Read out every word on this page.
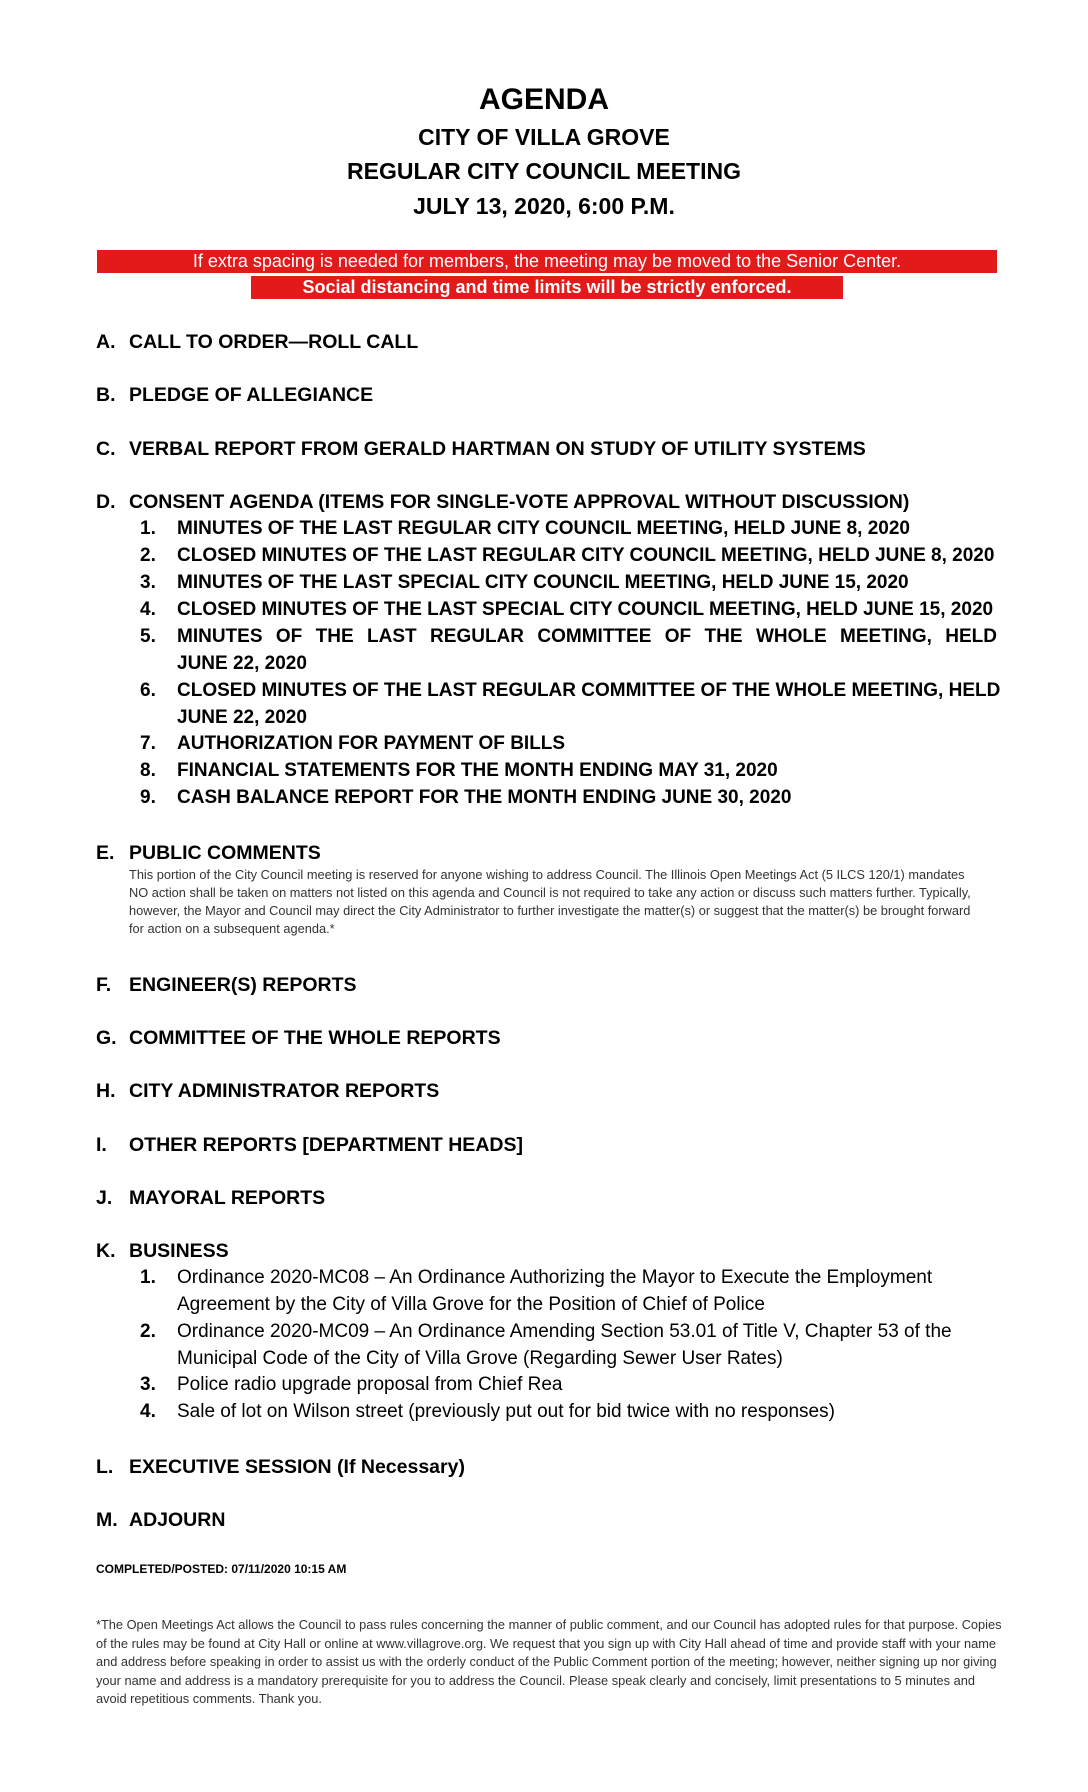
AGENDA
CITY OF VILLA GROVE
REGULAR CITY COUNCIL MEETING
JULY 13, 2020, 6:00 P.M.
If extra spacing is needed for members, the meeting may be moved to the Senior Center.
Social distancing and time limits will be strictly enforced.
A. CALL TO ORDER—ROLL CALL
B. PLEDGE OF ALLEGIANCE
C. VERBAL REPORT FROM GERALD HARTMAN ON STUDY OF UTILITY SYSTEMS
D. CONSENT AGENDA (ITEMS FOR SINGLE-VOTE APPROVAL WITHOUT DISCUSSION)
1. MINUTES OF THE LAST REGULAR CITY COUNCIL MEETING, HELD JUNE 8, 2020
2. CLOSED MINUTES OF THE LAST REGULAR CITY COUNCIL MEETING, HELD JUNE 8, 2020
3. MINUTES OF THE LAST SPECIAL CITY COUNCIL MEETING, HELD JUNE 15, 2020
4. CLOSED MINUTES OF THE LAST SPECIAL CITY COUNCIL MEETING, HELD JUNE 15, 2020
5. MINUTES OF THE LAST REGULAR COMMITTEE OF THE WHOLE MEETING, HELD
JUNE 22, 2020
6. CLOSED MINUTES OF THE LAST REGULAR COMMITTEE OF THE WHOLE MEETING, HELD
JUNE 22, 2020
7. AUTHORIZATION FOR PAYMENT OF BILLS
8. FINANCIAL STATEMENTS FOR THE MONTH ENDING MAY 31, 2020
9. CASH BALANCE REPORT FOR THE MONTH ENDING JUNE 30, 2020
E. PUBLIC COMMENTS
This portion of the City Council meeting is reserved for anyone wishing to address Council. The Illinois Open Meetings Act (5 ILCS 120/1) mandates NO action shall be taken on matters not listed on this agenda and Council is not required to take any action or discuss such matters further. Typically, however, the Mayor and Council may direct the City Administrator to further investigate the matter(s) or suggest that the matter(s) be brought forward for action on a subsequent agenda.*
F. ENGINEER(S) REPORTS
G. COMMITTEE OF THE WHOLE REPORTS
H. CITY ADMINISTRATOR REPORTS
I. OTHER REPORTS [DEPARTMENT HEADS]
J. MAYORAL REPORTS
K. BUSINESS
1. Ordinance 2020-MC08 – An Ordinance Authorizing the Mayor to Execute the Employment
Agreement by the City of Villa Grove for the Position of Chief of Police
2. Ordinance 2020-MC09 – An Ordinance Amending Section 53.01 of Title V, Chapter 53 of the
Municipal Code of the City of Villa Grove (Regarding Sewer User Rates)
3. Police radio upgrade proposal from Chief Rea
4. Sale of lot on Wilson street (previously put out for bid twice with no responses)
L. EXECUTIVE SESSION (If Necessary)
M. ADJOURN
COMPLETED/POSTED: 07/11/2020 10:15 AM
*The Open Meetings Act allows the Council to pass rules concerning the manner of public comment, and our Council has adopted rules for that purpose. Copies of the rules may be found at City Hall or online at www.villagrove.org. We request that you sign up with City Hall ahead of time and provide staff with your name and address before speaking in order to assist us with the orderly conduct of the Public Comment portion of the meeting; however, neither signing up nor giving your name and address is a mandatory prerequisite for you to address the Council. Please speak clearly and concisely, limit presentations to 5 minutes and avoid repetitious comments. Thank you.
